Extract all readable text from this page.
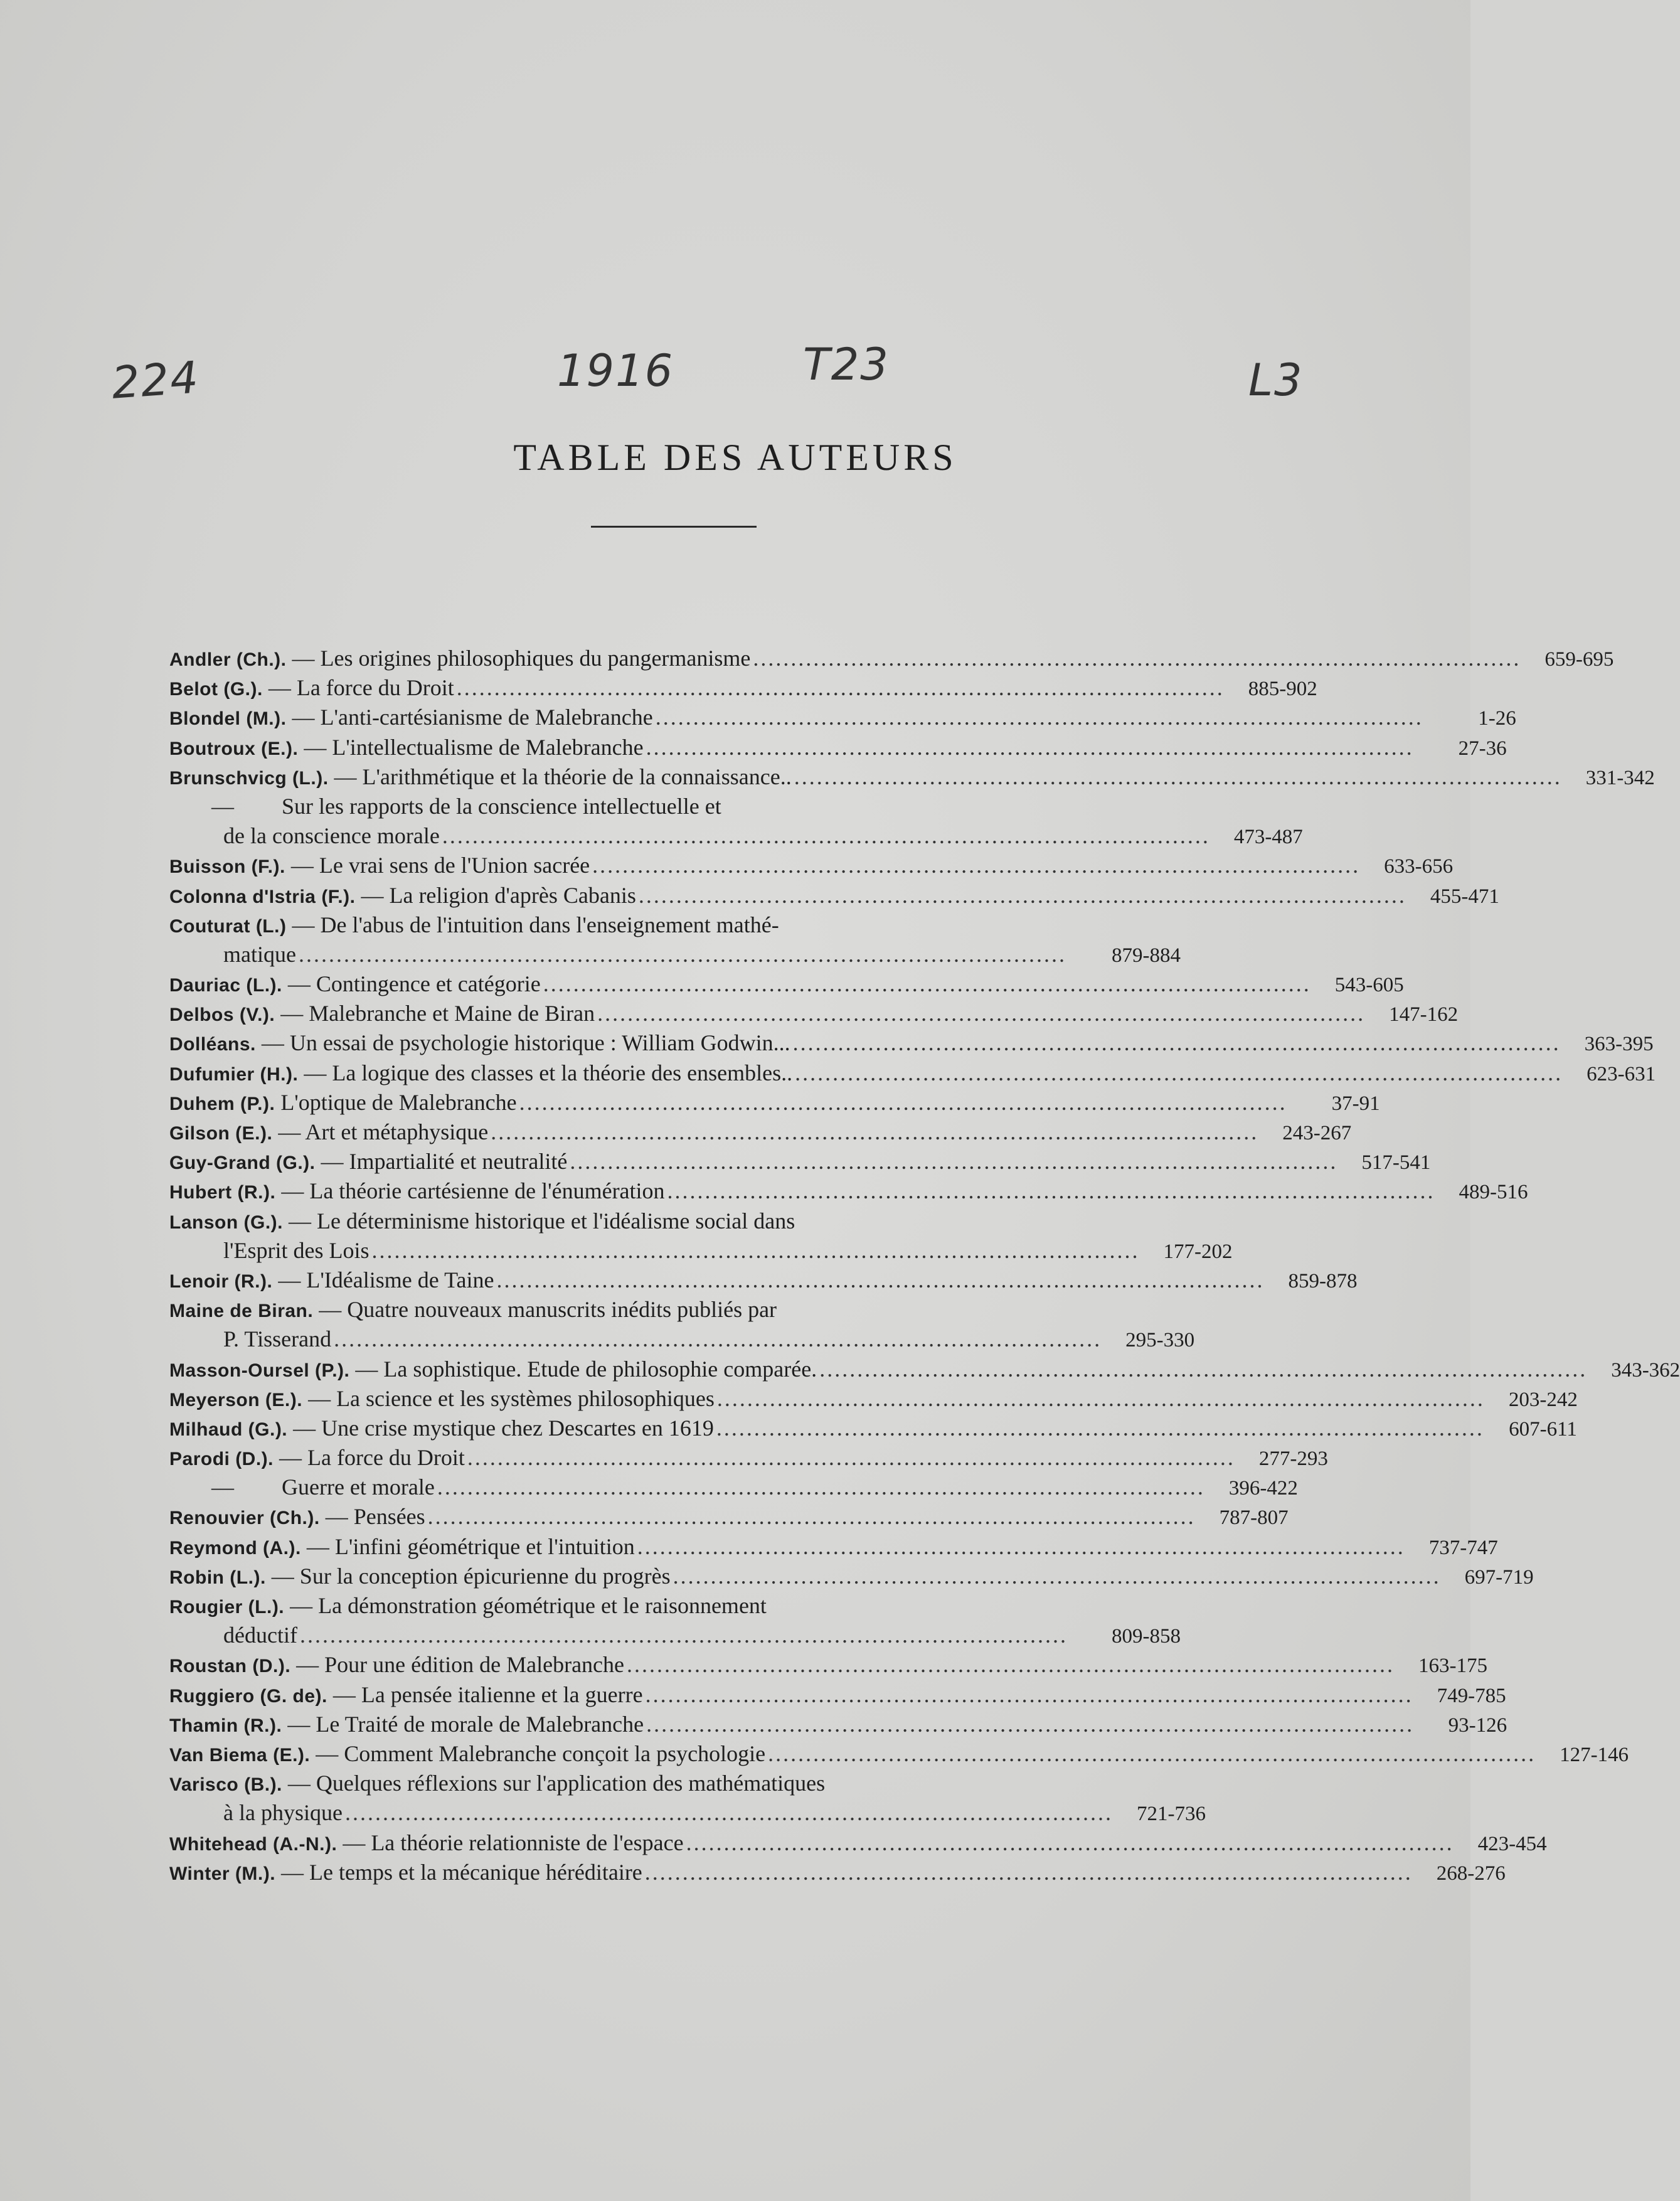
224	1916	T23	L3
TABLE DES AUTEURS
Andler (Ch.). — Les origines philosophiques du pangermanisme . . .	659-695
Belot (G.). — La force du Droit . . .	885-902
Blondel (M.). — L'anti-cartésianisme de Malebranche . . .	1-26
Boutroux (E.). — L'intellectualisme de Malebranche . . .	27-36
Brunschvicg (L.). — L'arithmétique et la théorie de la connaissance.. . . .	331-342
— Sur les rapports de la conscience intellectuelle et
de la conscience morale . . .	473-487
Buisson (F.). — Le vrai sens de l'Union sacrée . . .	633-656
Colonna d'Istria (F.). — La religion d'après Cabanis . . .	455-471
Couturat (L.) — De l'abus de l'intuition dans l'enseignement mathé-
matique . . .	879-884
Dauriac (L.). — Contingence et catégorie . . .	543-605
Delbos (V.). — Malebranche et Maine de Biran . . .	147-162
Dolléans. — Un essai de psychologie historique : William Godwin... . . .	363-395
Dufumier (H.). — La logique des classes et la théorie des ensembles.. . . .	623-631
Duhem (P.). L'optique de Malebranche . . .	37-91
Gilson (E.). — Art et métaphysique . . .	243-267
Guy-Grand (G.). — Impartialité et neutralité . . .	517-541
Hubert (R.). — La théorie cartésienne de l'énumération . . .	489-516
Lanson (G.). — Le déterminisme historique et l'idéalisme social dans
l'Esprit des Lois . . .	177-202
Lenoir (R.). — L'Idéalisme de Taine . . .	859-878
Maine de Biran. — Quatre nouveaux manuscrits inédits publiés par
P. Tisserand . . .	295-330
Masson-Oursel (P.). — La sophistique. Etude de philosophie comparée. . . .	343-362
Meyerson (E.). — La science et les systèmes philosophiques . . .	203-242
Milhaud (G.). — Une crise mystique chez Descartes en 1619 . . .	607-611
Parodi (D.). — La force du Droit . . .	277-293
— Guerre et morale . . .	396-422
Renouvier (Ch.). — Pensées . . .	787-807
Reymond (A.). — L'infini géométrique et l'intuition . . .	737-747
Robin (L.). — Sur la conception épicurienne du progrès . . .	697-719
Rougier (L.). — La démonstration géométrique et le raisonnement
déductif . . .	809-858
Roustan (D.). — Pour une édition de Malebranche . . .	163-175
Ruggiero (G. de). — La pensée italienne et la guerre . . .	749-785
Thamin (R.). — Le Traité de morale de Malebranche . . .	93-126
Van Biema (E.). — Comment Malebranche conçoit la psychologie . . .	127-146
Varisco (B.). — Quelques réflexions sur l'application des mathématiques
à la physique . . .	721-736
Whitehead (A.-N.). — La théorie relationniste de l'espace . . .	423-454
Winter (M.). — Le temps et la mécanique héréditaire . . .	268-276
